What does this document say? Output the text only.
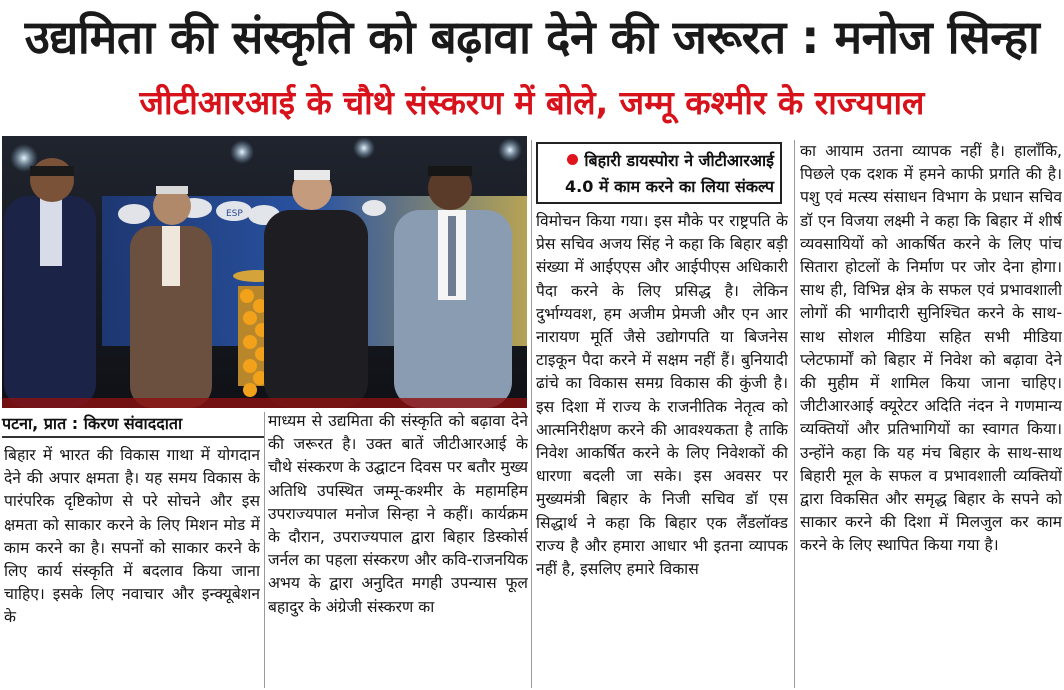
उद्यमिता की संस्कृति को बढ़ावा देने की जरूरत : मनोज सिन्हा
जीटीआरआई के चौथे संस्करण में बोले, जम्मू कश्मीर के राज्यपाल
ESP
पटना, प्रात : किरण संवाददाता

बिहार में भारत की विकास गाथा में योगदान देने की अपार क्षमता है। यह समय विकास के पारंपरिक दृष्टिकोण से परे सोचने और इस क्षमता को साकार करने के लिए मिशन मोड में काम करने का है। सपनों को साकार करने के लिए कार्य संस्कृति में बदलाव किया जाना चाहिए। इसके लिए नवाचार और इन्क्यूबेशन के

माध्यम से उद्यमिता की संस्कृति को बढ़ावा देने की जरूरत है। उक्त बातें जीटीआरआई के चौथे संस्करण के उद्घाटन दिवस पर बतौर मुख्य अतिथि उपस्थित जम्मू-कश्मीर के महामहिम उपराज्यपाल मनोज सिन्हा ने कहीं। कार्यक्रम के दौरान, उपराज्यपाल द्वारा बिहार डिस्कोर्स जर्नल का पहला संस्करण और कवि-राजनयिक अभय के द्वारा अनुदित मगही उपन्यास फूल बहादुर के अंग्रेजी संस्करण का

बिहारी डायस्पोरा ने जीटीआरआई
4.0 में काम करने का लिया संकल्प

विमोचन किया गया। इस मौके पर राष्ट्रपति के प्रेस सचिव अजय सिंह ने कहा कि बिहार बड़ी संख्या में आईएएस और आईपीएस अधिकारी पैदा करने के लिए प्रसिद्ध है। लेकिन दुर्भाग्यवश, हम अजीम प्रेमजी और एन आर नारायण मूर्ति जैसे उद्योगपति या बिजनेस टाइकून पैदा करने में सक्षम नहीं हैं। बुनियादी ढांचे का विकास समग्र विकास की कुंजी है। इस दिशा में राज्य के राजनीतिक नेतृत्व को आत्मनिरीक्षण करने की आवश्यकता है ताकि निवेश आकर्षित करने के लिए निवेशकों की धारणा बदली जा सके। इस अवसर पर मुख्यमंत्री बिहार के निजी सचिव डॉ एस सिद्धार्थ ने कहा कि बिहार एक लैंडलॉक्ड राज्य है और हमारा आधार भी इतना व्यापक नहीं है, इसलिए हमारे विकास

का आयाम उतना व्यापक नहीं है। हालाँकि, पिछले एक दशक में हमने काफी प्रगति की है। पशु एवं मत्स्य संसाधन विभाग के प्रधान सचिव डॉ एन विजया लक्ष्मी ने कहा कि बिहार में शीर्ष व्यवसायियों को आकर्षित करने के लिए पांच सितारा होटलों के निर्माण पर जोर देना होगा। साथ ही, विभिन्न क्षेत्र के सफल एवं प्रभावशाली लोगों की भागीदारी सुनिश्चित करने के साथ-साथ सोशल मीडिया सहित सभी मीडिया प्लेटफार्मों को बिहार में निवेश को बढ़ावा देने की मुहीम में शामिल किया जाना चाहिए। जीटीआरआई क्यूरेटर अदिति नंदन ने गणमान्य व्यक्तियों और प्रतिभागियों का स्वागत किया। उन्होंने कहा कि यह मंच बिहार के साथ-साथ बिहारी मूल के सफल व प्रभावशाली व्यक्तियों द्वारा विकसित और समृद्ध बिहार के सपने को साकार करने की दिशा में मिलजुल कर काम करने के लिए स्थापित किया गया है।
